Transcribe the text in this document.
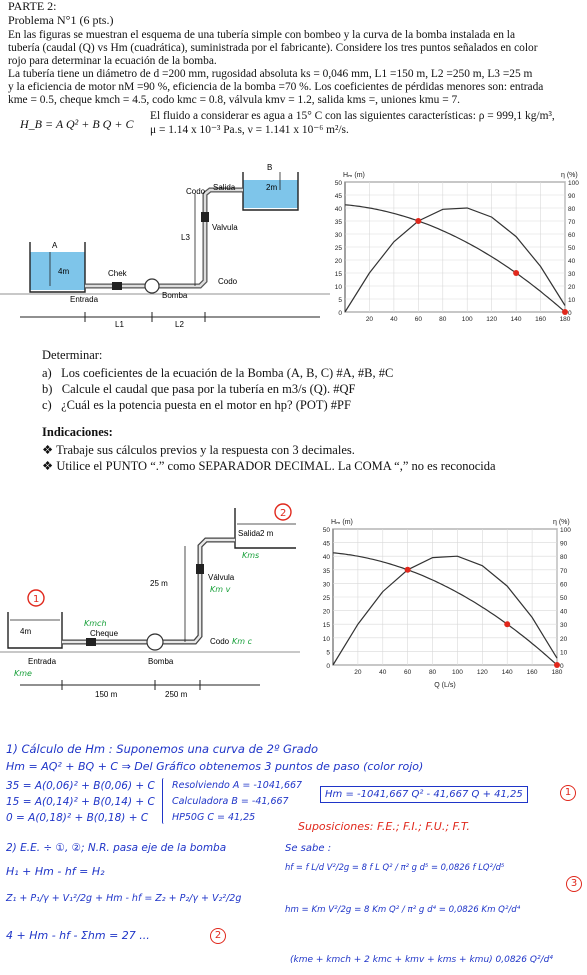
PARTE 2:
Problema N°1 (6 pts.)
En las figuras se muestran el esquema de una tubería simple con bombeo y la curva de la bomba instalada en la
tubería (caudal (Q) vs Hm (cuadrática), suministrada por el fabricante). Considere los tres puntos señalados en color
rojo para determinar la ecuación de la bomba.
La tubería tiene un diámetro de d =200 mm, rugosidad absoluta ks = 0,046 mm, L1 =150 m, L2 =250 m, L3 =25 m
y la eficiencia de motor nM =90 %, eficiencia de la bomba =70 %. Los coeficientes de pérdidas menores son: entrada
kme = 0.5, cheque kmch = 4.5, codo kmc = 0.8, válvula kmv = 1.2, salida kms =, uniones kmu = 7.
El fluido a considerar es agua a 15° C con las siguientes características: ρ = 999,1 kg/m³,
μ = 1.14 x 10⁻³ Pa.s, ν = 1.141 x 10⁻⁶ m²/s.
H_B = A Q² + B Q + C
B
A
Codo Salida	2m
Valvula
L3
4m	Chek
Codo
Entrada	Bomba
L1	L2
50
45
40
35
30
25
20
15
10
5
0
100
90
80
70
60
50
40
30
20
10
0
20	40	60	80 100 120 140 160 180
Hₘ (m)	η (%)
Determinar:
a) Los coeficientes de la ecuación de la Bomba (A, B, C) #A, #B, #C
b) Calcule el caudal que pasa por la tubería en m3/s (Q). #QF
c) ¿Cuál es la potencia puesta en el motor en hp? (POT) #PF
Indicaciones:
❖ Trabaje sus cálculos previos y la respuesta con 3 decimales.
❖ Utilice el PUNTO “.” como SEPARADOR DECIMAL. La COMA “,” no es reconocida
1
2
Salida 2 m
Kms
Válvula
Km v
25 m
4m
Kmch
Cheque
Codo Km c
Entrada
Kme
Bomba
150 m	250 m
50
45
40
35
30
25
20
15
10
5
0
100
90
80
70
60
50
40
30
20
10
0
20	40	60	80 100 120 140 160 180
Hₘ (m)	η (%)
Q (L/s)
1) Cálculo de Hm : Suponemos una curva de 2º Grado
Hm = AQ² + BQ + C ⇒ Del Gráfico obtenemos 3 puntos de paso (color rojo)
35 = A(0,06)² + B(0,06) + C
15 = A(0,14)² + B(0,14) + C
0 = A(0,18)² + B(0,18) + C
Resolviendo A = -1041,667
Calculadora B = -41,667
HP50G C = 41,25
Hm = -1041,667 Q² - 41,667 Q + 41,25	1
Suposiciones: F.E.; F.I.; F.U.; F.T.
2) E.E. ÷ ①, ②; N.R. pasa eje de la bomba
H₁ + Hm - hf = H₂
Z₁ + P₁/γ + V₁²/2g + Hm - hf = Z₂ + P₂/γ + V₂²/2g
4 + Hm - hf - Σhm = 27 ...	2
Se sabe :
hf = f L/d V²/2g = 8 f L Q² / π² g d⁵ = 0,0826 f LQ²/d⁵
3
hm = Km V²/2g = 8 Km Q² / π² g d⁴ = 0,0826 Km Q²/d⁴
(kme + kmch + 2 kmc + kmv + kms + kmu) 0,0826 Q²/d⁴
